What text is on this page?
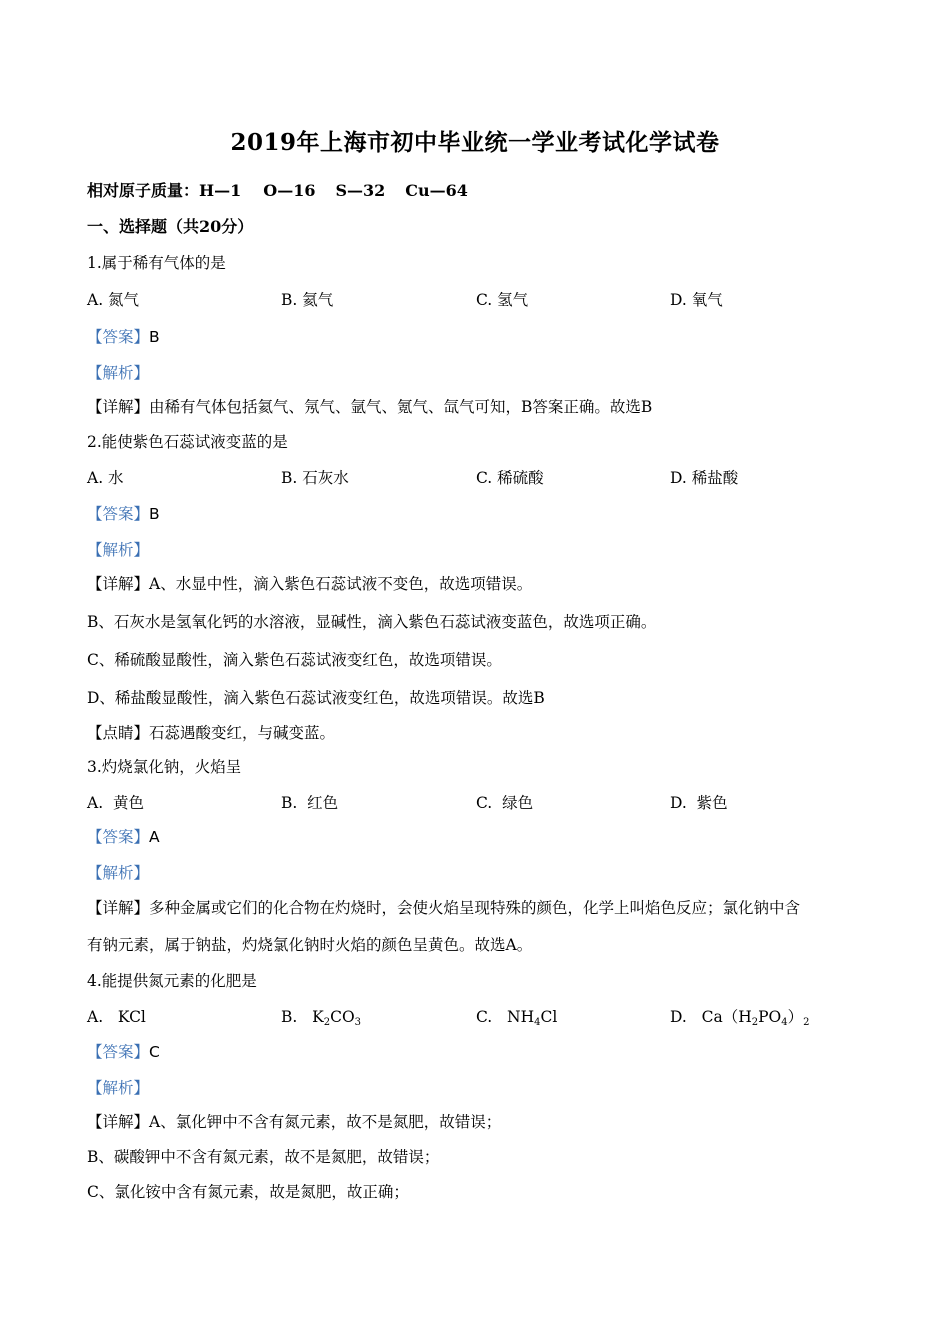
2019年上海市初中毕业统一学业考试化学试卷
相对原子质量：H—1 O—16 S—32 Cu—64
一、选择题（共20分）
1.属于稀有气体的是
A. 氮气	B. 氦气	C. 氢气	D. 氧气
【答案】B
【解析】
【详解】由稀有气体包括氦气、氖气、氩气、氪气、氙气可知，B答案正确。故选B
2.能使紫色石蕊试液变蓝的是
A. 水	B. 石灰水	C. 稀硫酸	D. 稀盐酸
【答案】B
【解析】
【详解】A、水显中性，滴入紫色石蕊试液不变色，故选项错误。
B、石灰水是氢氧化钙的水溶液，显碱性，滴入紫色石蕊试液变蓝色，故选项正确。
C、稀硫酸显酸性，滴入紫色石蕊试液变红色，故选项错误。
D、稀盐酸显酸性，滴入紫色石蕊试液变红色，故选项错误。故选B
【点睛】石蕊遇酸变红，与碱变蓝。
3.灼烧氯化钠，火焰呈
A.  黄色	B.  红色	C.  绿色	D.  紫色
【答案】A
【解析】
【详解】多种金属或它们的化合物在灼烧时，会使火焰呈现特殊的颜色，化学上叫焰色反应；氯化钠中含
有钠元素，属于钠盐，灼烧氯化钠时火焰的颜色呈黄色。故选A。
4.能提供氮元素的化肥是
A. KCl	B. $K_2CO_3$	C. $NH_4Cl$	D. $Ca(H_2PO_4)_2$
【答案】C
【解析】
【详解】A、氯化钾中不含有氮元素，故不是氮肥，故错误；
B、碳酸钾中不含有氮元素，故不是氮肥，故错误；
C、氯化铵中含有氮元素，故是氮肥，故正确；
